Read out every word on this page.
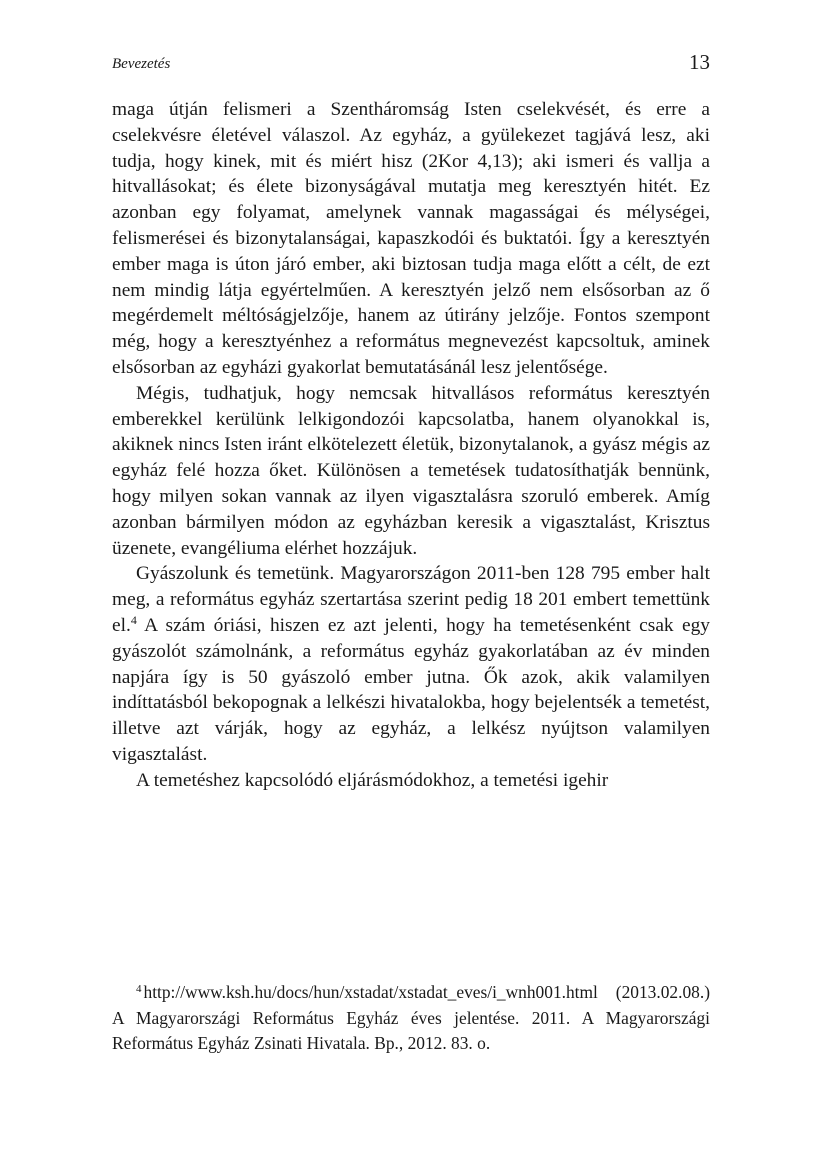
Bevezetés	13

maga útján felismeri a Szentháromság Isten cselekvését, és erre a cselekvésre életével válaszol. Az egyház, a gyülekezet tagjává lesz, aki tudja, hogy kinek, mit és miért hisz (2Kor 4,13); aki ismeri és vallja a hitvallásokat; és élete bizonyságával mutatja meg keresztyén hitét. Ez azonban egy folyamat, amelynek vannak magasságai és mélységei, felismerései és bizonytalanságai, kapaszkodói és buktatói. Így a keresztyén ember maga is úton járó ember, aki biztosan tudja maga előtt a célt, de ezt nem mindig látja egyértelműen. A keresztyén jelző nem elsősorban az ő megérdemelt méltóságjelzője, hanem az útirány jelzője. Fontos szempont még, hogy a keresztyénhez a református megnevezést kapcsoltuk, aminek elsősorban az egyházi gyakorlat bemutatásánál lesz jelentősége.

Mégis, tudhatjuk, hogy nemcsak hitvallásos református keresztyén emberekkel kerülünk lelkigondozói kapcsolatba, hanem olyanokkal is, akiknek nincs Isten iránt elkötelezett életük, bizonytalanok, a gyász mégis az egyház felé hozza őket. Különösen a temetések tudatosíthatják bennünk, hogy milyen sokan vannak az ilyen vigasztalásra szoruló emberek. Amíg azonban bármilyen módon az egyházban keresik a vigasztalást, Krisztus üzenete, evangéliuma elérhet hozzájuk.

Gyászolunk és temetünk. Magyarországon 2011-ben 128 795 ember halt meg, a református egyház szertartása szerint pedig 18 201 embert temettünk el.$^4$ A szám óriási, hiszen ez azt jelenti, hogy ha temetésenként csak egy gyászolót számolnánk, a református egyház gyakorlatában az év minden napjára így is 50 gyászoló ember jutna. Ők azok, akik valamilyen indíttatásból bekopognak a lelkészi hivatalokba, hogy bejelentsék a temetést, illetve azt várják, hogy az egyház, a lelkész nyújtson valamilyen vigasztalást.

A temetéshez kapcsolódó eljárásmódokhoz, a temetési igehir

$^4$ http://www.ksh.hu/docs/hun/xstadat/xstadat_eves/i_wnh001.html (2013.02.08.) A Magyarországi Református Egyház éves jelentése. 2011. A Magyarországi Református Egyház Zsinati Hivatala. Bp., 2012. 83. o.
